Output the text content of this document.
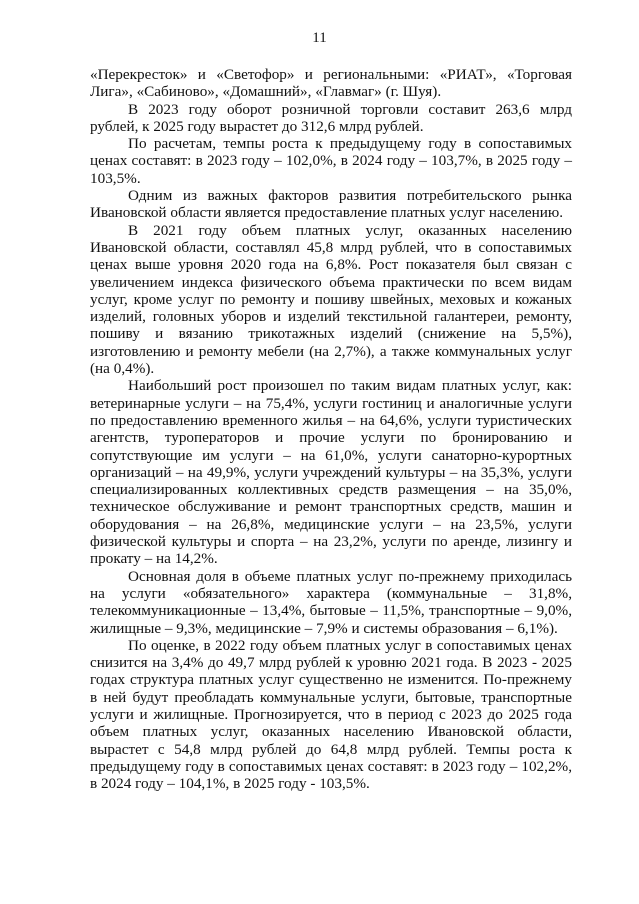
11

«Перекресток» и «Светофор» и региональными: «РИАТ», «Торговая Лига», «Сабиново», «Домашний», «Главмаг» (г. Шуя).

В 2023 году оборот розничной торговли составит 263,6 млрд рублей, к 2025 году вырастет до 312,6 млрд рублей.

По расчетам, темпы роста к предыдущему году в сопоставимых ценах составят: в 2023 году – 102,0%, в 2024 году – 103,7%, в 2025 году – 103,5%.

Одним из важных факторов развития потребительского рынка Ивановской области является предоставление платных услуг населению.

В 2021 году объем платных услуг, оказанных населению Ивановской области, составлял 45,8 млрд рублей, что в сопоставимых ценах выше уровня 2020 года на 6,8%. Рост показателя был связан с увеличением индекса физического объема практически по всем видам услуг, кроме услуг по ремонту и пошиву швейных, меховых и кожаных изделий, головных уборов и изделий текстильной галантереи, ремонту, пошиву и вязанию трикотажных изделий (снижение на 5,5%), изготовлению и ремонту мебели (на 2,7%), а также коммунальных услуг (на 0,4%).

Наибольший рост произошел по таким видам платных услуг, как: ветеринарные услуги – на 75,4%, услуги гостиниц и аналогичные услуги по предоставлению временного жилья – на 64,6%, услуги туристических агентств, туроператоров и прочие услуги по бронированию и сопутствующие им услуги – на 61,0%, услуги санаторно-курортных организаций – на 49,9%, услуги учреждений культуры – на 35,3%, услуги специализированных коллективных средств размещения – на 35,0%, техническое обслуживание и ремонт транспортных средств, машин и оборудования – на 26,8%, медицинские услуги – на 23,5%, услуги физической культуры и спорта – на 23,2%, услуги по аренде, лизингу и прокату – на 14,2%.

Основная доля в объеме платных услуг по-прежнему приходилась на услуги «обязательного» характера (коммунальные – 31,8%, телекоммуникационные – 13,4%, бытовые – 11,5%, транспортные – 9,0%, жилищные – 9,3%, медицинские – 7,9% и системы образования – 6,1%).

По оценке, в 2022 году объем платных услуг в сопоставимых ценах снизится на 3,4% до 49,7 млрд рублей к уровню 2021 года. В 2023 - 2025 годах структура платных услуг существенно не изменится. По-прежнему в ней будут преобладать коммунальные услуги, бытовые, транспортные услуги и жилищные. Прогнозируется, что в период с 2023 до 2025 года объем платных услуг, оказанных населению Ивановской области, вырастет с 54,8 млрд рублей до 64,8 млрд рублей. Темпы роста к предыдущему году в сопоставимых ценах составят: в 2023 году – 102,2%, в 2024 году – 104,1%, в 2025 году - 103,5%.
